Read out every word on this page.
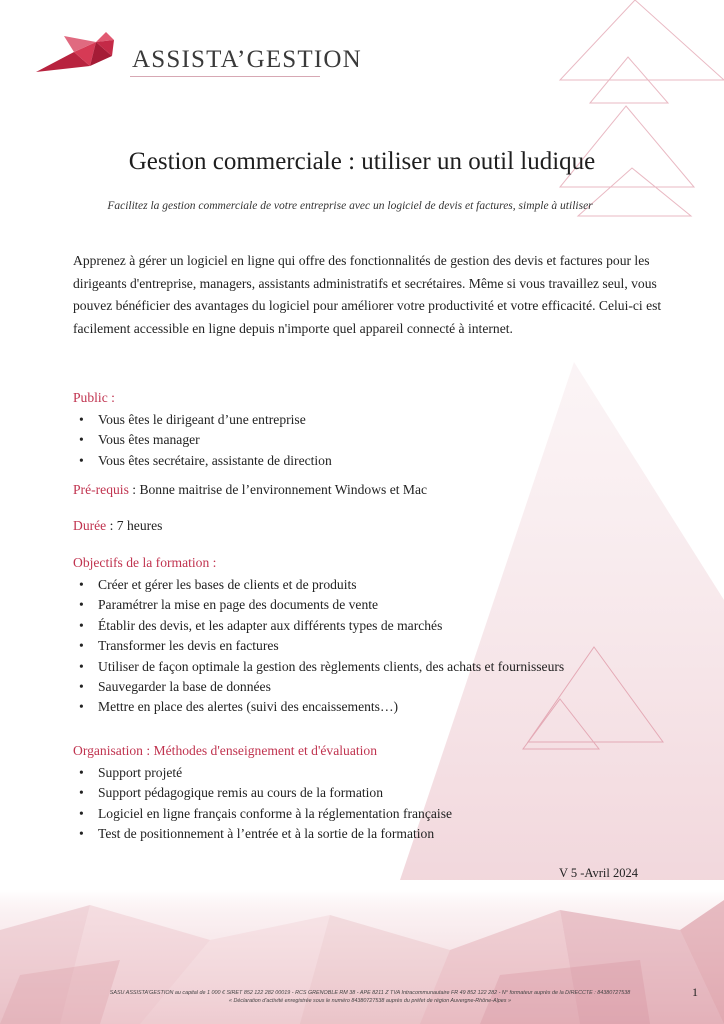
ASSISTA’GESTION
Gestion commerciale : utiliser un outil ludique

Facilitez la gestion commerciale de votre entreprise avec un logiciel de devis et factures, simple à utiliser

Apprenez à gérer un logiciel en ligne qui offre des fonctionnalités de gestion des devis et factures pour les dirigeants d'entreprise, managers, assistants administratifs et secrétaires. Même si vous travaillez seul, vous pouvez bénéficier des avantages du logiciel pour améliorer votre productivité et votre efficacité. Celui-ci est facilement accessible en ligne depuis n'importe quel appareil connecté à internet.

Public :
• Vous êtes le dirigeant d’une entreprise
• Vous êtes manager
• Vous êtes secrétaire, assistante de direction
Pré-requis : Bonne maitrise de l’environnement Windows et Mac
Durée : 7 heures
Objectifs de la formation :
• Créer et gérer les bases de clients et de produits
• Paramétrer la mise en page des documents de vente
• Établir des devis, et les adapter aux différents types de marchés
• Transformer les devis en factures
• Utiliser de façon optimale la gestion des règlements clients, des achats et fournisseurs
• Sauvegarder la base de données
• Mettre en place des alertes (suivi des encaissements…)
Organisation : Méthodes d'enseignement et d'évaluation
• Support projeté
• Support pédagogique remis au cours de la formation
• Logiciel en ligne français conforme à la réglementation française
• Test de positionnement à l’entrée et à la sortie de la formation
V 5 -Avril 2024
SASU ASSISTA'GESTION au capital de 1 000 € SIRET 852 122 282 00019 - RCS GRENOBLE RM 38 - APE 8211 Z TVA Intracommunautaire FR 49 852 122 282 - N° formateur auprès de la DIRECCTE : 84380727538
« Déclaration d'activité enregistrée sous le numéro 84380727538 auprès du préfet de région Auvergne-Rhône-Alpes »
1
